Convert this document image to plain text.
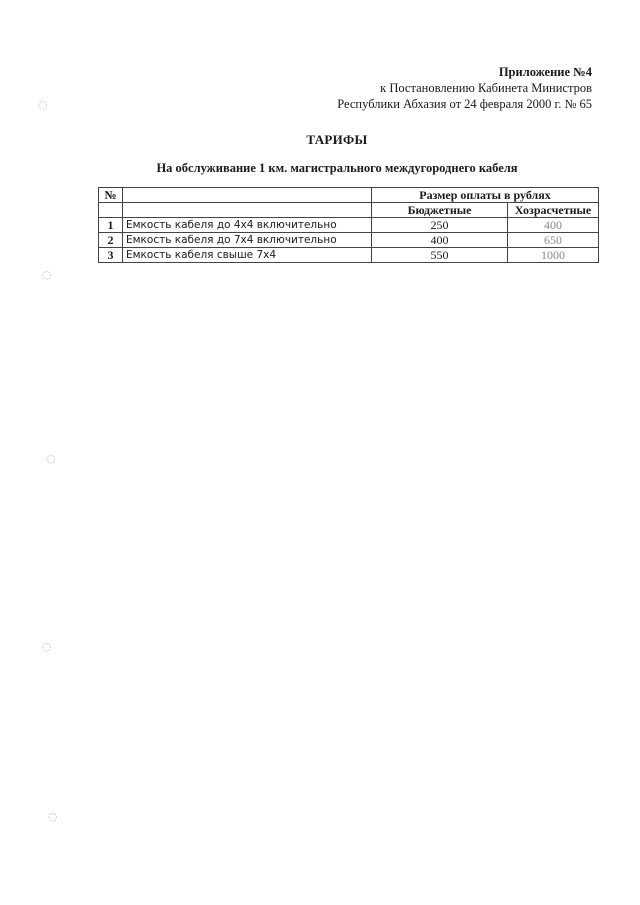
Приложение №4
к Постановлению Кабинета Министров
Республики Абхазия от 24 февраля 2000 г. № 65
ТАРИФЫ
На обслуживание 1 км. магистрального междугороднего кабеля
№		Размер оплаты в рублях	
		Бюджетные	Хозрасчетные
1	Емкость кабеля до 4х4 включительно	250	400
2	Емкость кабеля до 7х4 включительно	400	650
3	Емкость кабеля свыше 7х4	550	1000
◌
◌
◌
◌
◌
